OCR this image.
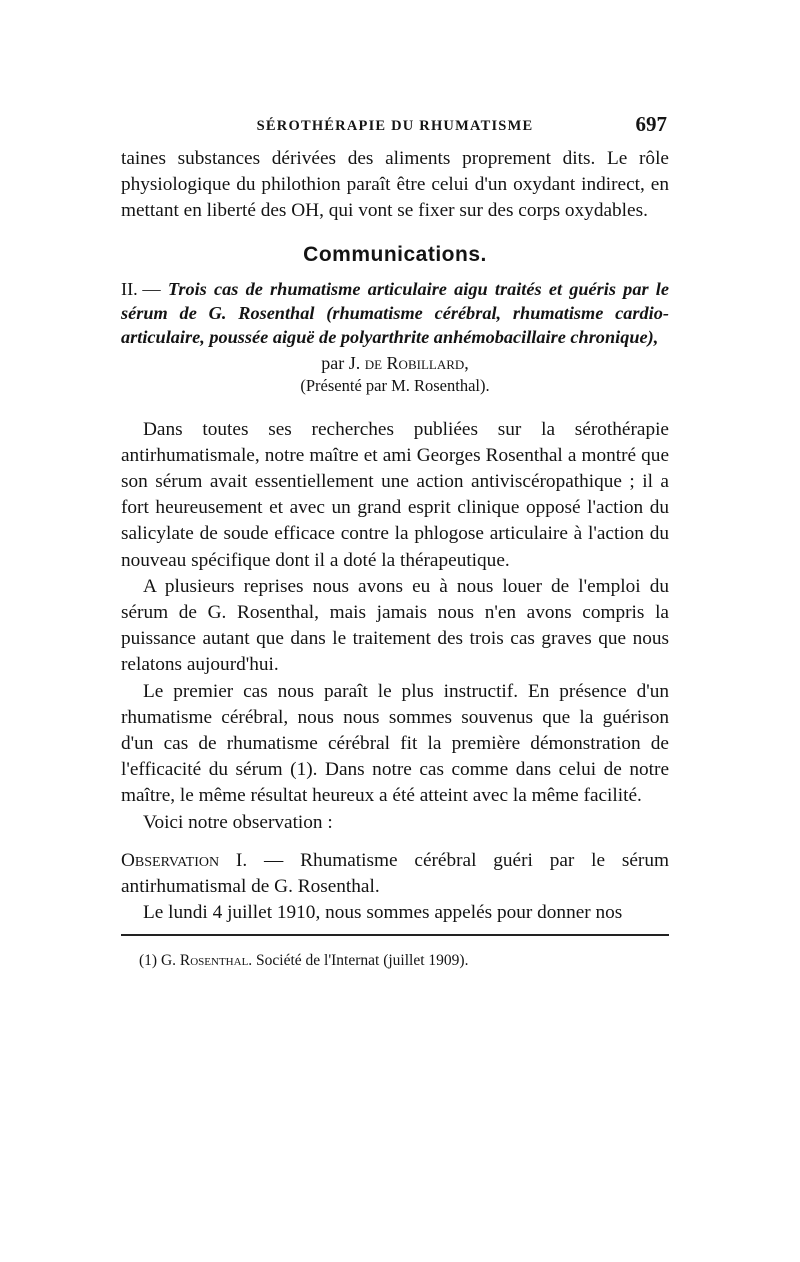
SÉROTHÉRAPIE DU RHUMATISME	697

taines substances dérivées des aliments proprement dits. Le rôle physiologique du philothion paraît être celui d'un oxydant indirect, en mettant en liberté des OH, qui vont se fixer sur des corps oxydables.

Communications.

II. — Trois cas de rhumatisme articulaire aigu traités et guéris par le sérum de G. Rosenthal (rhumatisme cérébral, rhumatisme cardio-articulaire, poussée aiguë de polyarthrite anhémobacillaire chronique),

par J. de Robillard,
(Présenté par M. Rosenthal).

Dans toutes ses recherches publiées sur la sérothérapie antirhumatismale, notre maître et ami Georges Rosenthal a montré que son sérum avait essentiellement une action antiviscéropathique ; il a fort heureusement et avec un grand esprit clinique opposé l'action du salicylate de soude efficace contre la phlogose articulaire à l'action du nouveau spécifique dont il a doté la thérapeutique.

A plusieurs reprises nous avons eu à nous louer de l'emploi du sérum de G. Rosenthal, mais jamais nous n'en avons compris la puissance autant que dans le traitement des trois cas graves que nous relatons aujourd'hui.

Le premier cas nous paraît le plus instructif. En présence d'un rhumatisme cérébral, nous nous sommes souvenus que la guérison d'un cas de rhumatisme cérébral fit la première démonstration de l'efficacité du sérum (1). Dans notre cas comme dans celui de notre maître, le même résultat heureux a été atteint avec la même facilité.

Voici notre observation :

Observation I. — Rhumatisme cérébral guéri par le sérum antirhumatismal de G. Rosenthal.

Le lundi 4 juillet 1910, nous sommes appelés pour donner nos

(1) G. Rosenthal. Société de l'Internat (juillet 1909).
